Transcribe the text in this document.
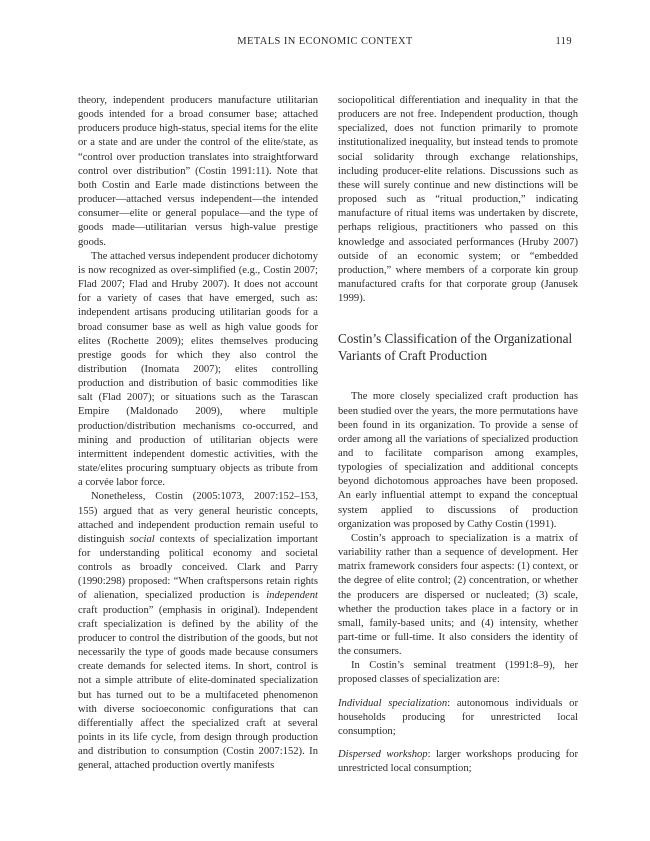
METALS IN ECONOMIC CONTEXT	119

theory, independent producers manufacture utilitarian goods intended for a broad consumer base; attached producers produce high-status, special items for the elite or a state and are under the control of the elite/state, as “control over production translates into straightforward control over distribution” (Costin 1991:11). Note that both Costin and Earle made distinctions between the producer—attached versus independent—the intended consumer—elite or general populace—and the type of goods made—utilitarian versus high-value prestige goods.

The attached versus independent producer dichotomy is now recognized as over-simplified (e.g., Costin 2007; Flad 2007; Flad and Hruby 2007). It does not account for a variety of cases that have emerged, such as: independent artisans producing utilitarian goods for a broad consumer base as well as high value goods for elites (Rochette 2009); elites themselves producing prestige goods for which they also control the distribution (Inomata 2007); elites controlling production and distribution of basic commodities like salt (Flad 2007); or situations such as the Tarascan Empire (Maldonado 2009), where multiple production/distribution mechanisms co-occurred, and mining and production of utilitarian objects were intermittent independent domestic activities, with the state/elites procuring sumptuary objects as tribute from a corvée labor force.

Nonetheless, Costin (2005:1073, 2007:152–153, 155) argued that as very general heuristic concepts, attached and independent production remain useful to distinguish social contexts of specialization important for understanding political economy and societal controls as broadly conceived. Clark and Parry (1990:298) proposed: “When craftspersons retain rights of alienation, specialized production is independent craft production” (emphasis in original). Independent craft specialization is defined by the ability of the producer to control the distribution of the goods, but not necessarily the type of goods made because consumers create demands for selected items. In short, control is not a simple attribute of elite-dominated specialization but has turned out to be a multifaceted phenomenon with diverse socioeconomic configurations that can differentially affect the specialized craft at several points in its life cycle, from design through production and distribution to consumption (Costin 2007:152). In general, attached production overtly manifests

sociopolitical differentiation and inequality in that the producers are not free. Independent production, though specialized, does not function primarily to promote institutionalized inequality, but instead tends to promote social solidarity through exchange relationships, including producer-elite relations. Discussions such as these will surely continue and new distinctions will be proposed such as “ritual production,” indicating manufacture of ritual items was undertaken by discrete, perhaps religious, practitioners who passed on this knowledge and associated performances (Hruby 2007) outside of an economic system; or “embedded production,” where members of a corporate kin group manufactured crafts for that corporate group (Janusek 1999).

Costin’s Classification of the Organizational Variants of Craft Production

The more closely specialized craft production has been studied over the years, the more permutations have been found in its organization. To provide a sense of order among all the variations of specialized production and to facilitate comparison among examples, typologies of specialization and additional concepts beyond dichotomous approaches have been proposed. An early influential attempt to expand the conceptual system applied to discussions of production organization was proposed by Cathy Costin (1991).

Costin’s approach to specialization is a matrix of variability rather than a sequence of development. Her matrix framework considers four aspects: (1) context, or the degree of elite control; (2) concentration, or whether the producers are dispersed or nucleated; (3) scale, whether the production takes place in a factory or in small, family-based units; and (4) intensity, whether part-time or full-time. It also considers the identity of the consumers.

In Costin’s seminal treatment (1991:8–9), her proposed classes of specialization are:

Individual specialization: autonomous individuals or households producing for unrestricted local consumption;

Dispersed workshop: larger workshops producing for unrestricted local consumption;
